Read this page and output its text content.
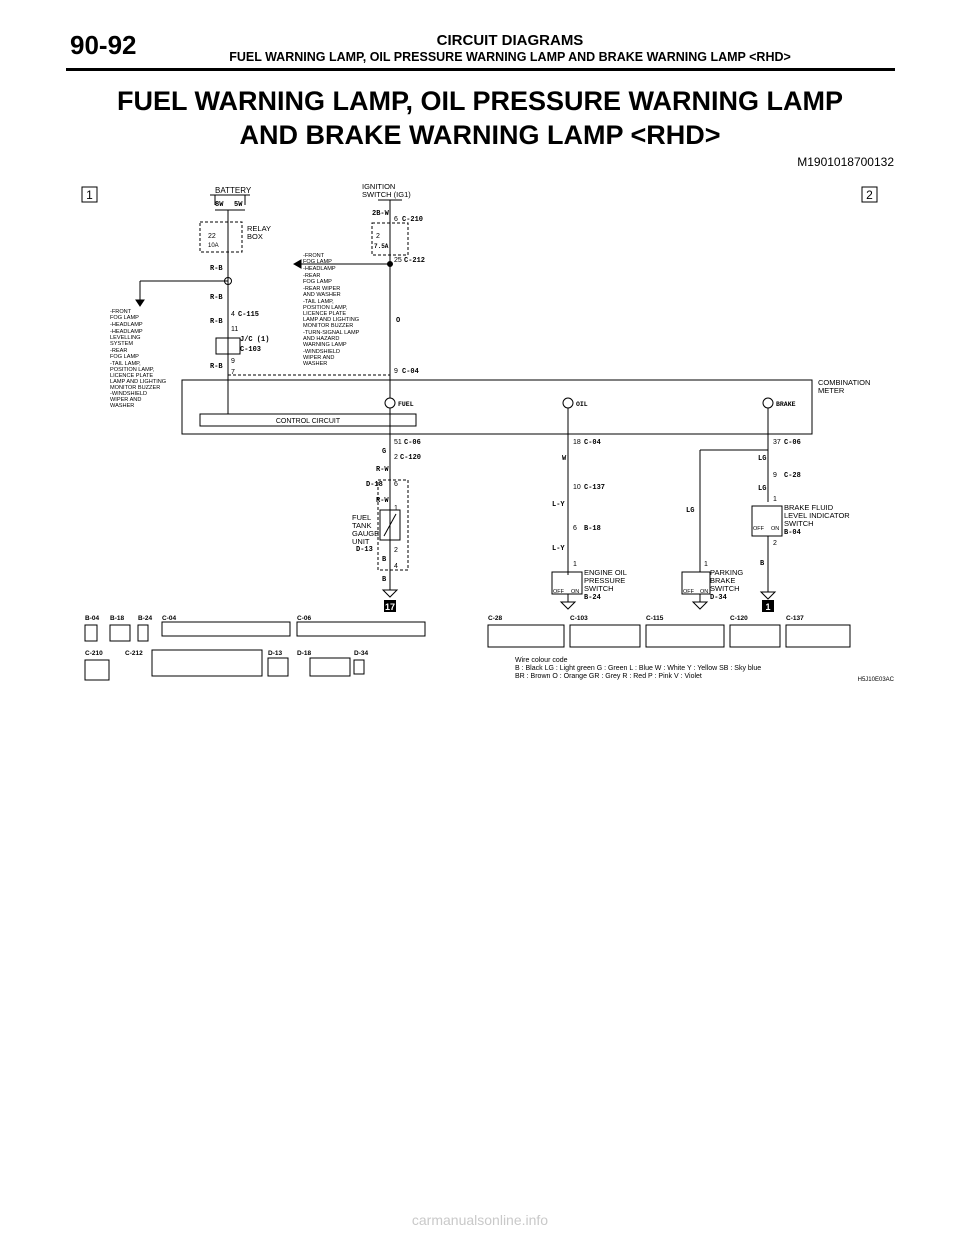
90-92	CIRCUIT DIAGRAMS
FUEL WARNING LAMP, OIL PRESSURE WARNING LAMP AND BRAKE WARNING LAMP <RHD>
FUEL WARNING LAMP, OIL PRESSURE WARNING LAMP
AND BRAKE WARNING LAMP <RHD>
M1901018700132
17	1
1	2
BATTERY
8W 5W
IGNITION
SWITCH (IG1)
2B-W
RELAY
BOX
22
10A
2
7.5A
6 C-210
25 C-212
O
9 C-04
R-B
R-B
R-B
R-B
4 C-115
11
J/C (1)
C-103
9
7
-FRONT
FOG LAMP
-HEADLAMP
-HEADLAMP
LEVELLING
SYSTEM
-REAR
FOG LAMP
-TAIL LAMP,
POSITION LAMP,
LICENCE PLATE
LAMP AND LIGHTING
MONITOR BUZZER
-WINDSHIELD
WIPER AND
WASHER
-FRONT
FOG LAMP
-HEADLAMP
-REAR
FOG LAMP
-REAR WIPER
AND WASHER
-TAIL LAMP,
POSITION LAMP,
LICENCE PLATE
LAMP AND LIGHTING
MONITOR BUZZER
-TURN-SIGNAL LAMP
AND HAZARD
WARNING LAMP
-WINDSHIELD
WIPER AND
WASHER
COMBINATION
METER
CONTROL CIRCUIT
FUEL	OIL	BRAKE
51 C-06
G
2 C-120
R-W
D-18 6
R-W
1
FUEL
TANK
GAUGE
UNIT
D-13	2
B
4
B
18 C-04
W
10 C-137
L-Y
6 B-18
L-Y
1
ENGINE OIL
PRESSURE
SWITCH
B-24
OFF ON
37 C-06
LG
9 C-28
LG
1
BRAKE FLUID
LEVEL INDICATOR
SWITCH
B-04
OFF ON
2
B
LG
1
PARKING
BRAKE
SWITCH
D-34
OFF ON
B-04 B-18 B-24 C-04	C-06	C-28	C-103	C-115	C-120	C-137
C-210	C-212	D-13 D-18	D-34
Wire colour code
B : Black LG : Light green G : Green L : Blue W : White Y : Yellow SB : Sky blue
BR : Brown O : Orange GR : Grey R : Red P : Pink V : Violet	H5J10E03AC
carmanualsonline.info
